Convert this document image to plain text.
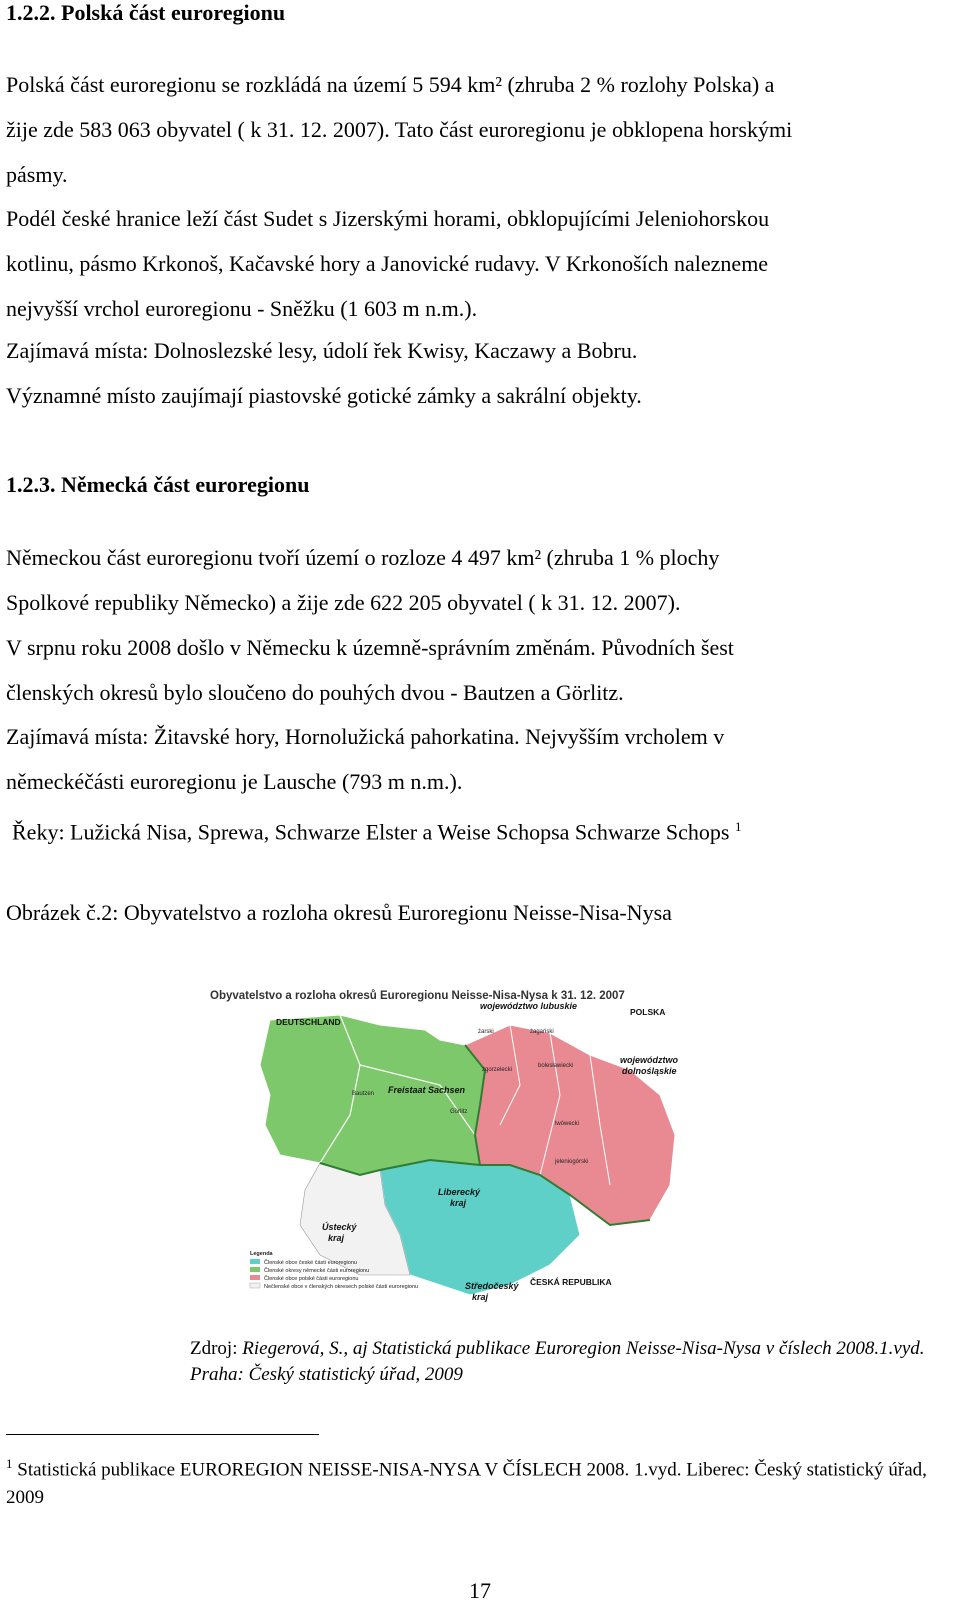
1.2.2. Polská část euroregionu

Polská část euroregionu se rozkládá na území 5 594 km² (zhruba 2 % rozlohy Polska) a
žije zde 583 063 obyvatel ( k 31. 12. 2007). Tato část euroregionu je obklopena horskými
pásmy.

Podél české hranice leží část Sudet s Jizerskými horami, obklopujícími Jeleniohorskou
kotlinu, pásmo Krkonoš, Kačavské hory a Janovické rudavy. V Krkonoších nalezneme
nejvyšší vrchol euroregionu - Sněžku (1 603 m n.m.).

Zajímavá místa: Dolnoslezské lesy, údolí řek Kwisy, Kaczawy a Bobru.

Významné místo zaujímají piastovské gotické zámky a sakrální objekty.

1.2.3. Německá část euroregionu

Německou část euroregionu tvoří území o rozloze 4 497 km² (zhruba 1 % plochy
Spolkové republiky Německo) a žije zde 622 205 obyvatel ( k 31. 12. 2007).

V srpnu roku 2008 došlo v Německu k územně-správním změnám. Původních šest
členských okresů bylo sloučeno do pouhých dvou - Bautzen a Görlitz.

Zajímavá místa: Žitavské hory, Hornolužická pahorkatina. Nejvyšším vrcholem v
německéčásti euroregionu je Lausche (793 m n.m.).

Řeky: Lužická Nisa, Sprewa, Schwarze Elster a Weise Schopsa Schwarze Schops $^1$

Obrázek č.2: Obyvatelstvo a rozloha okresů Euroregionu Neisse-Nisa-Nysa

Obyvatelstvo a rozloha okresů Euroregionu Neisse-Nisa-Nysa k 31. 12. 2007
DEUTSCHLAND
POLSKA
województwo lubuskie
województwo
dolnośląskie
Freistaat Sachsen
Bautzen
Görlitz
żarski	żagański
zgorzelecki
bolesławiecki
lwówecki
jeleniogórski
Liberecký
kraj
Ústecký
kraj
Středočeský
kraj
ČESKÁ REPUBLIKA
Legenda
Členské obce české části euroregionu
Členské okresy německé části euroregionu
Členské obce polské části euroregionu
Nečlenské obce v členských okresech polské části euroregionu

Zdroj: Riegerová, S., aj Statistická publikace Euroregion Neisse-Nisa-Nysa v číslech 2008.1.vyd. Praha: Český statistický úřad, 2009

$^1$ Statistická publikace EUROREGION NEISSE-NISA-NYSA V ČÍSLECH 2008. 1.vyd. Liberec: Český statistický úřad, 2009

17
